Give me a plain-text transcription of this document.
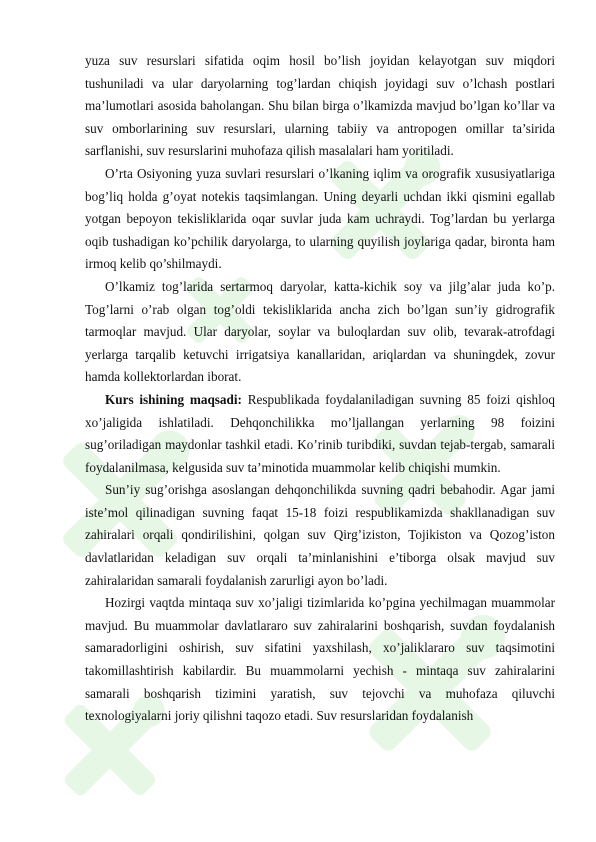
yuza suv resurslari sifatida oqim hosil bo’lish joyidan kelayotgan suv miqdori tushuniladi va ular daryolarning tog’lardan chiqish joyidagi suv o’lchash postlari ma’lumotlari asosida baholangan. Shu bilan birga o’lkamizda mavjud bo’lgan ko’llar va suv omborlarining suv resurslari, ularning tabiiy va antropogen omillar ta’sirida sarflanishi, suv resurslarini muhofaza qilish masalalari ham yoritiladi.

O’rta Osiyoning yuza suvlari resurslari o’lkaning iqlim va orografik xususiyatlariga bog’liq holda g’oyat notekis taqsimlangan. Uning deyarli uchdan ikki qismini egallab yotgan bepoyon tekisliklarida oqar suvlar juda kam uchraydi. Tog’lardan bu yerlarga oqib tushadigan ko’pchilik daryolarga, to ularning quyilish joylariga qadar, bironta ham irmoq kelib qo’shilmaydi.

O’lkamiz tog’larida sertarmoq daryolar, katta-kichik soy va jilg’alar juda ko’p. Tog’larni o’rab olgan tog’oldi tekisliklarida ancha zich bo’lgan sun’iy gidrografik tarmoqlar mavjud. Ular daryolar, soylar va buloqlardan suv olib, tevarak-atrofdagi yerlarga tarqalib ketuvchi irrigatsiya kanallaridan, ariqlardan va shuningdek, zovur hamda kollektorlardan iborat.

Kurs ishining maqsadi: Respublikada foydalaniladigan suvning 85 foizi qishloq xo’jaligida ishlatiladi. Dehqonchilikka mo’ljallangan yerlarning 98 foizini sug’oriladigan maydonlar tashkil etadi. Ko’rinib turibdiki, suvdan tejab-tergab, samarali foydalanilmasa, kelgusida suv ta’minotida muammolar kelib chiqishi mumkin.

Sun’iy sug’orishga asoslangan dehqonchilikda suvning qadri bebahodir. Agar jami iste’mol qilinadigan suvning faqat 15-18 foizi respublikamizda shakllanadigan suv zahiralari orqali qondirilishini, qolgan suv Qirg’iziston, Tojikiston va Qozog’iston davlatlaridan keladigan suv orqali ta’minlanishini e’tiborga olsak mavjud suv zahiralaridan samarali foydalanish zarurligi ayon bo’ladi.

Hozirgi vaqtda mintaqa suv xo’jaligi tizimlarida ko’pgina yechilmagan muammolar mavjud. Bu muammolar davlatlararo suv zahiralarini boshqarish, suvdan foydalanish samaradorligini oshirish, suv sifatini yaxshilash, xo’jaliklararo suv taqsimotini takomillashtirish kabilardir. Bu muammolarni yechish - mintaqa suv zahiralarini samarali boshqarish tizimini yaratish, suv tejovchi va muhofaza qiluvchi texnologiyalarni joriy qilishni taqozo etadi. Suv resurslaridan foydalanish
